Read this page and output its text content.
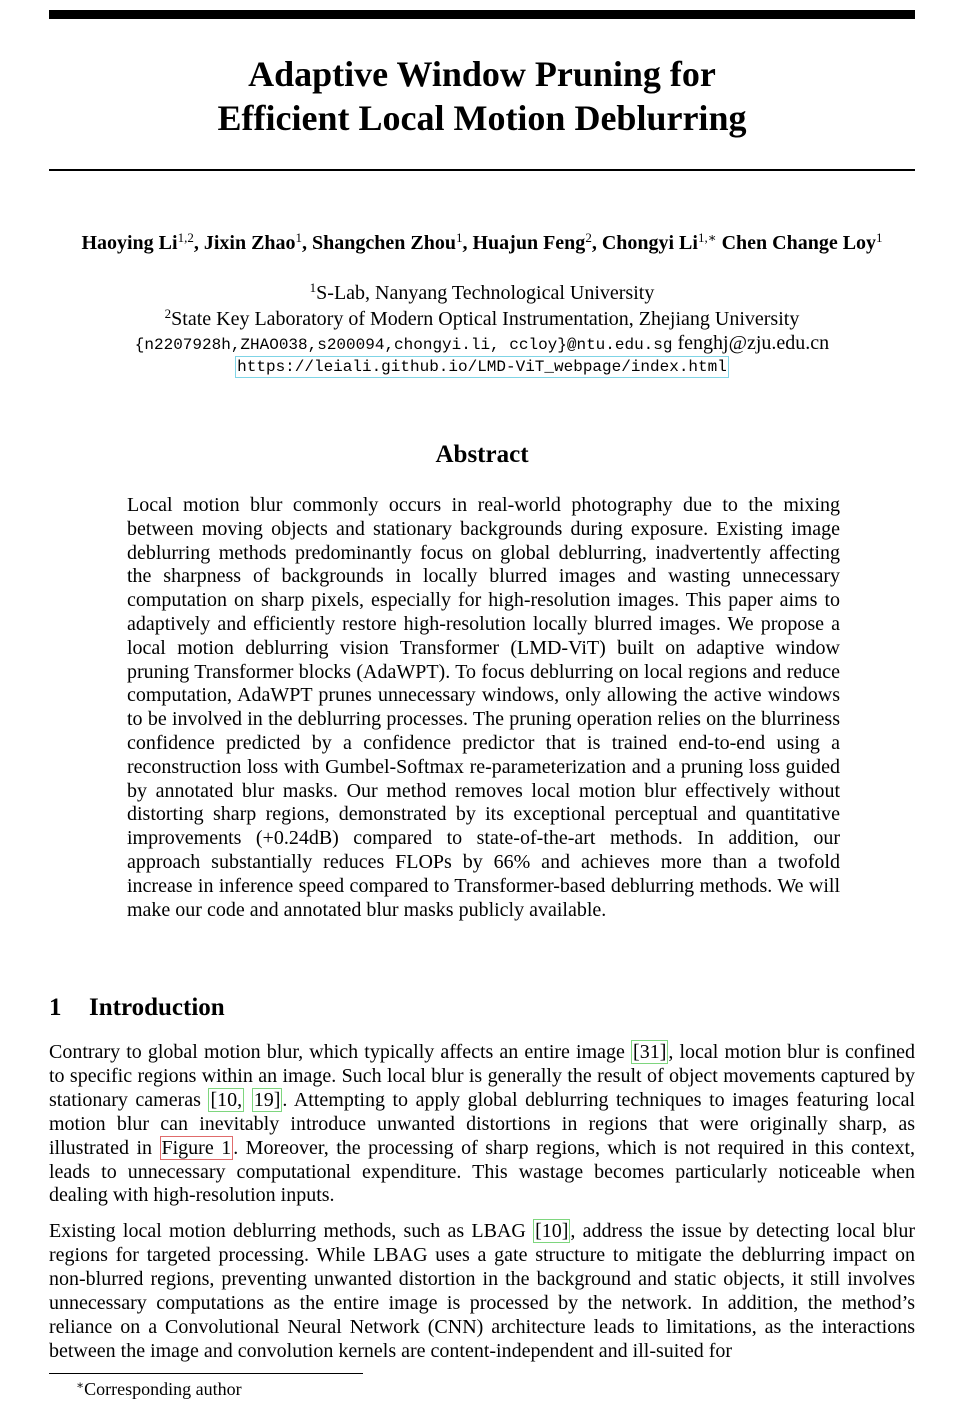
Adaptive Window Pruning for
Efficient Local Motion Deblurring
Haoying Li$^{1,2}$, Jixin Zhao$^1$, Shangchen Zhou$^1$, Huajun Feng$^2$, Chongyi $Li^{1,∗}$ Chen Change Loy$^1$
$^1$S-Lab, Nanyang Technological University
$^2$State Key Laboratory of Modern Optical Instrumentation, Zhejiang University
{n2207928h,ZHAO038,s200094,chongyi.li, ccloy}@ntu.edu.sg fenghj@zju.edu.cn
https://leiali.github.io/LMD-ViT_webpage/index.html
Abstract
Local motion blur commonly occurs in real-world photography due to the mixing between moving objects and stationary backgrounds during exposure. Existing image deblurring methods predominantly focus on global deblurring, inadvertently affecting the sharpness of backgrounds in locally blurred images and wasting unnecessary computation on sharp pixels, especially for high-resolution images. This paper aims to adaptively and efficiently restore high-resolution locally blurred images. We propose a local motion deblurring vision Transformer (LMD-ViT) built on adaptive window pruning Transformer blocks (AdaWPT). To focus deblurring on local regions and reduce computation, AdaWPT prunes unnecessary windows, only allowing the active windows to be involved in the deblurring processes. The pruning operation relies on the blurriness confidence predicted by a confidence predictor that is trained end-to-end using a reconstruction loss with Gumbel-Softmax re-parameterization and a pruning loss guided by annotated blur masks. Our method removes local motion blur effectively without distorting sharp regions, demonstrated by its exceptional perceptual and quantitative improvements (+0.24dB) compared to state-of-the-art methods. In addition, our approach substantially reduces FLOPs by 66% and achieves more than a twofold increase in inference speed compared to Transformer-based deblurring methods. We will make our code and annotated blur masks publicly available.
1 Introduction
Contrary to global motion blur, which typically affects an entire image [31] , local motion blur is confined to specific regions within an image. Such local blur is generally the result of object movements captured by stationary cameras [10, 19] . Attempting to apply global deblurring techniques to images featuring local motion blur can inevitably introduce unwanted distortions in regions that were originally sharp, as illustrated in Figure 1 . Moreover, the processing of sharp regions, which is not required in this context, leads to unnecessary computational expenditure. This wastage becomes particularly noticeable when dealing with high-resolution inputs.
Existing local motion deblurring methods, such as LBAG [10] , address the issue by detecting local blur regions for targeted processing. While LBAG uses a gate structure to mitigate the deblurring impact on non-blurred regions, preventing unwanted distortion in the background and static objects, it still involves unnecessary computations as the entire image is processed by the network. In addition, the method’s reliance on a Convolutional Neural Network (CNN) architecture leads to limitations, as the interactions between the image and convolution kernels are content-independent and ill-suited for
∗Corresponding author
